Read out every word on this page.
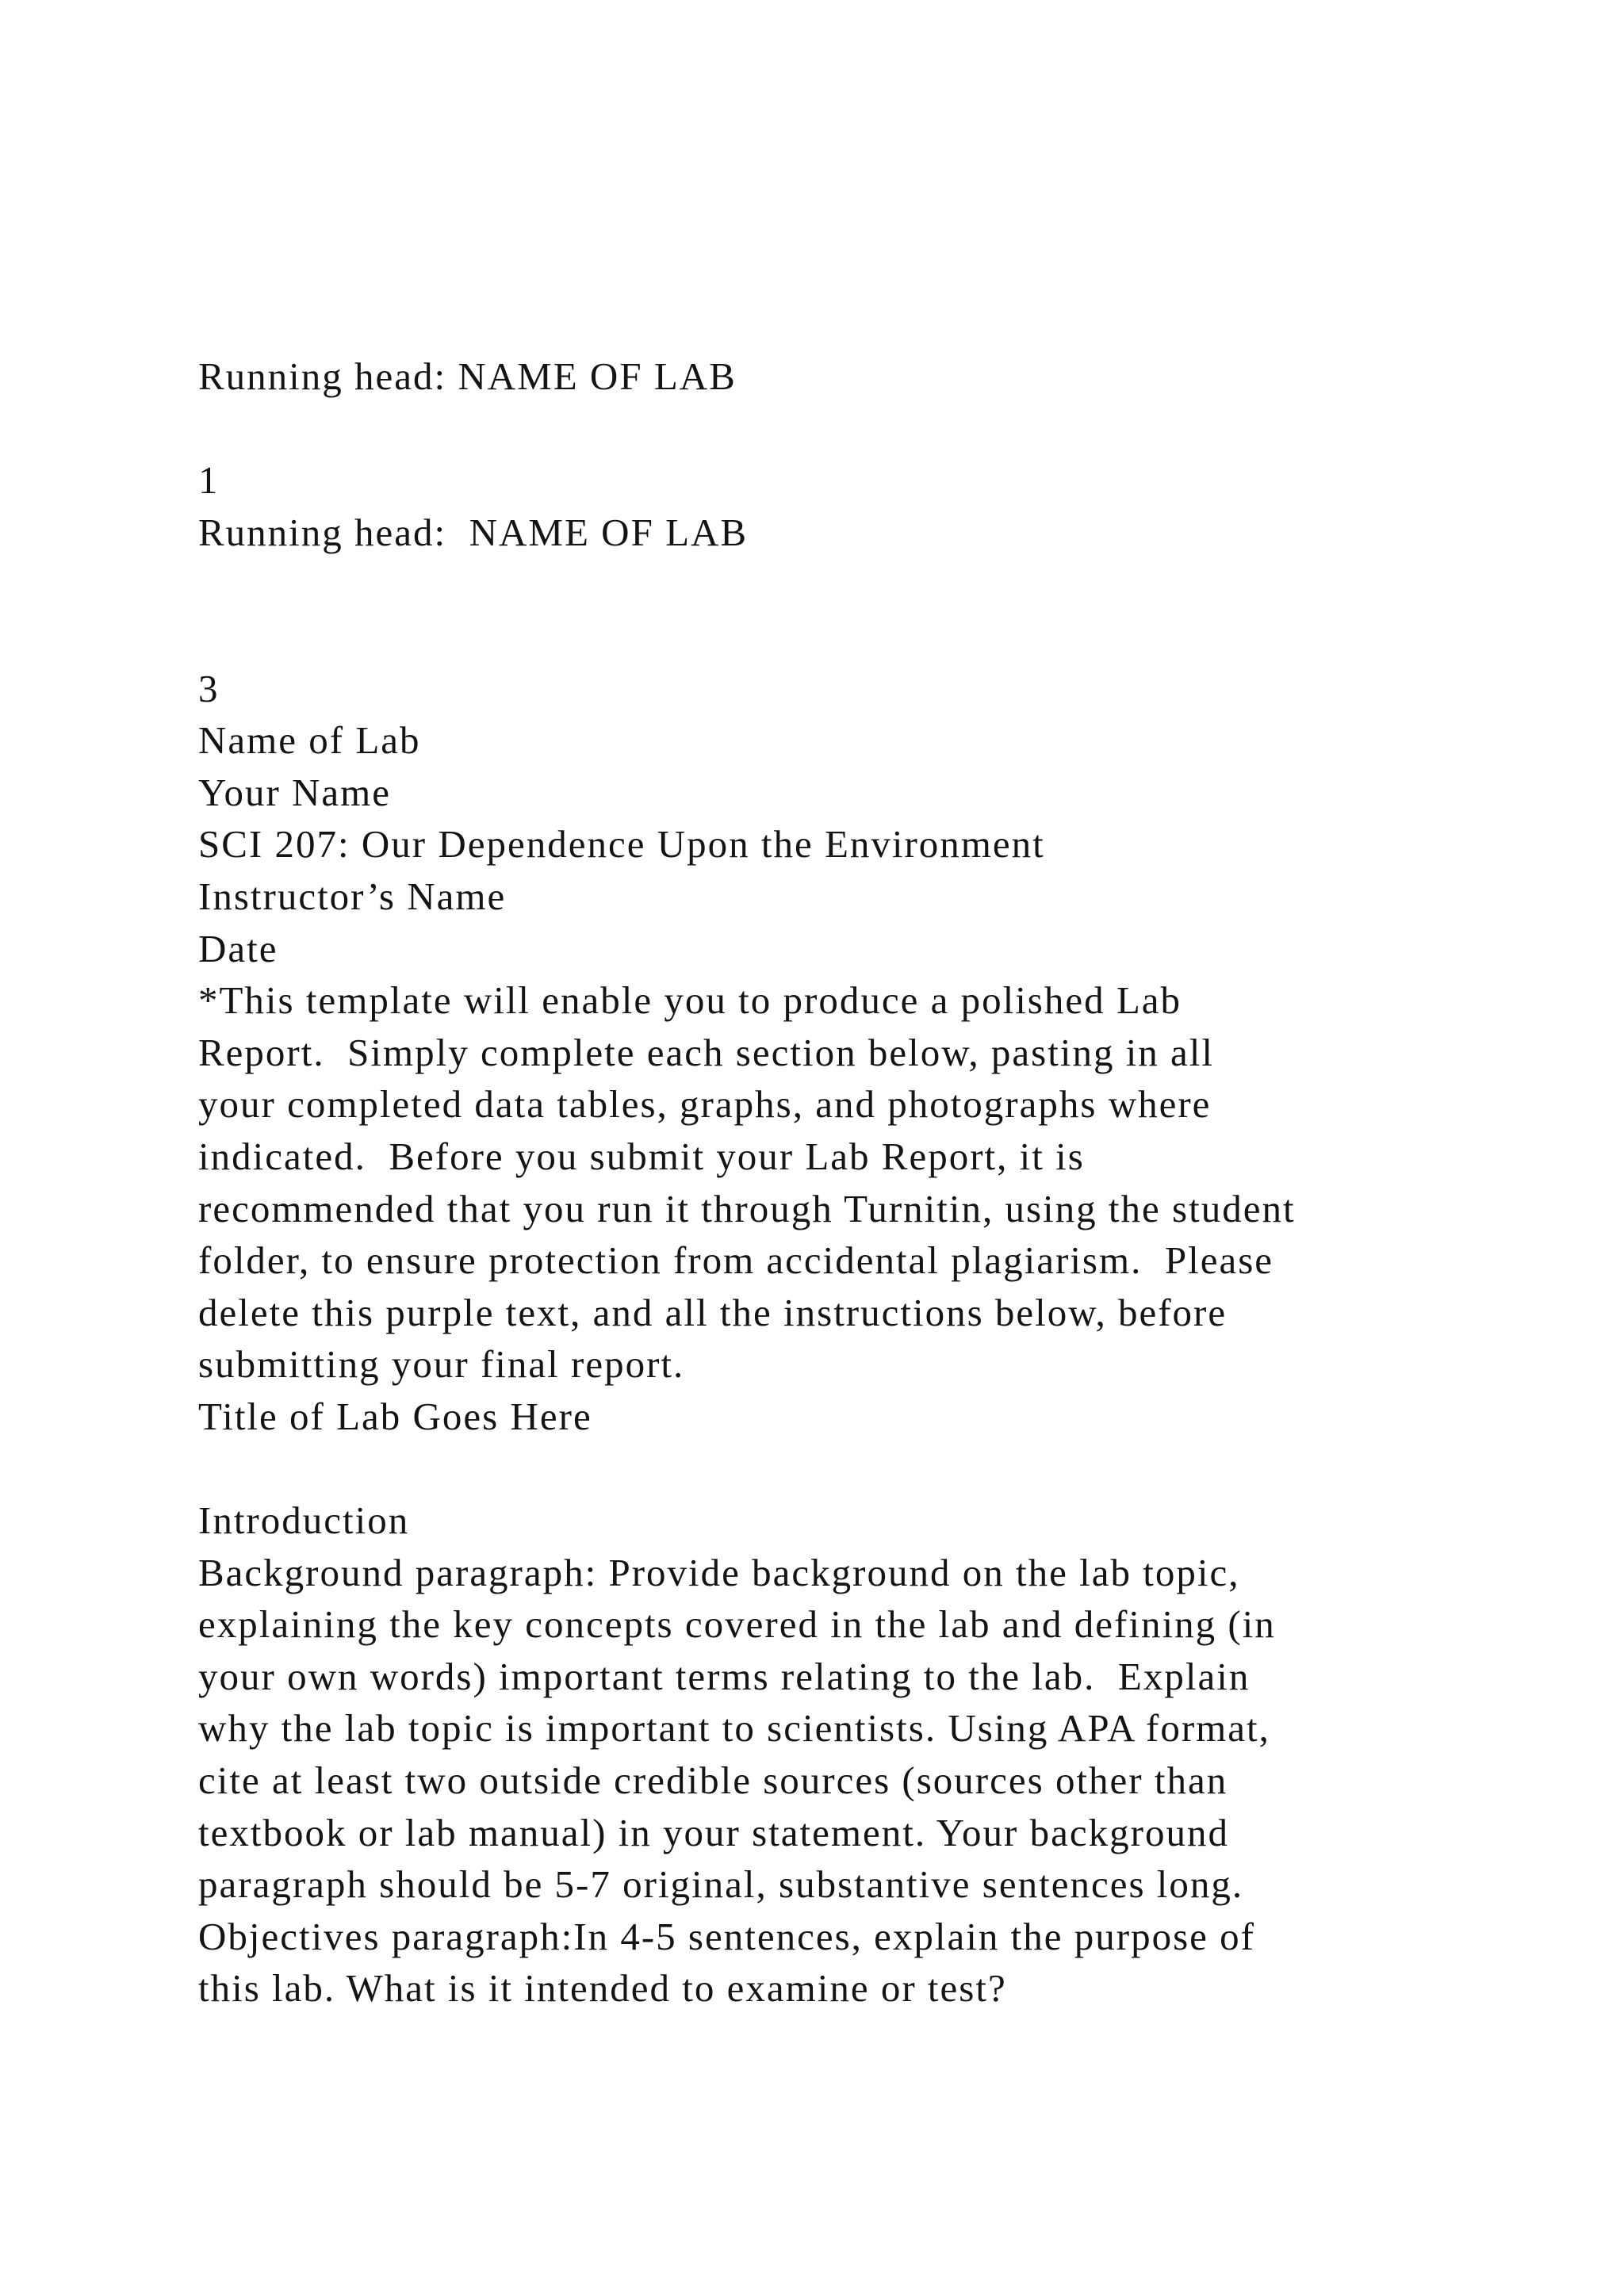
Running head: NAME OF LAB
1
Running head:  NAME OF LAB
3
Name of Lab
Your Name
SCI 207: Our Dependence Upon the Environment
Instructor’s Name
Date
*This template will enable you to produce a polished Lab
Report.  Simply complete each section below, pasting in all
your completed data tables, graphs, and photographs where
indicated.  Before you submit your Lab Report, it is
recommended that you run it through Turnitin, using the student
folder, to ensure protection from accidental plagiarism.  Please
delete this purple text, and all the instructions below, before
submitting your final report.
Title of Lab Goes Here
Introduction
Background paragraph: Provide background on the lab topic,
explaining the key concepts covered in the lab and defining (in
your own words) important terms relating to the lab.  Explain
why the lab topic is important to scientists. Using APA format,
cite at least two outside credible sources (sources other than
textbook or lab manual) in your statement. Your background
paragraph should be 5-7 original, substantive sentences long.
Objectives paragraph:In 4-5 sentences, explain the purpose of
this lab. What is it intended to examine or test?
